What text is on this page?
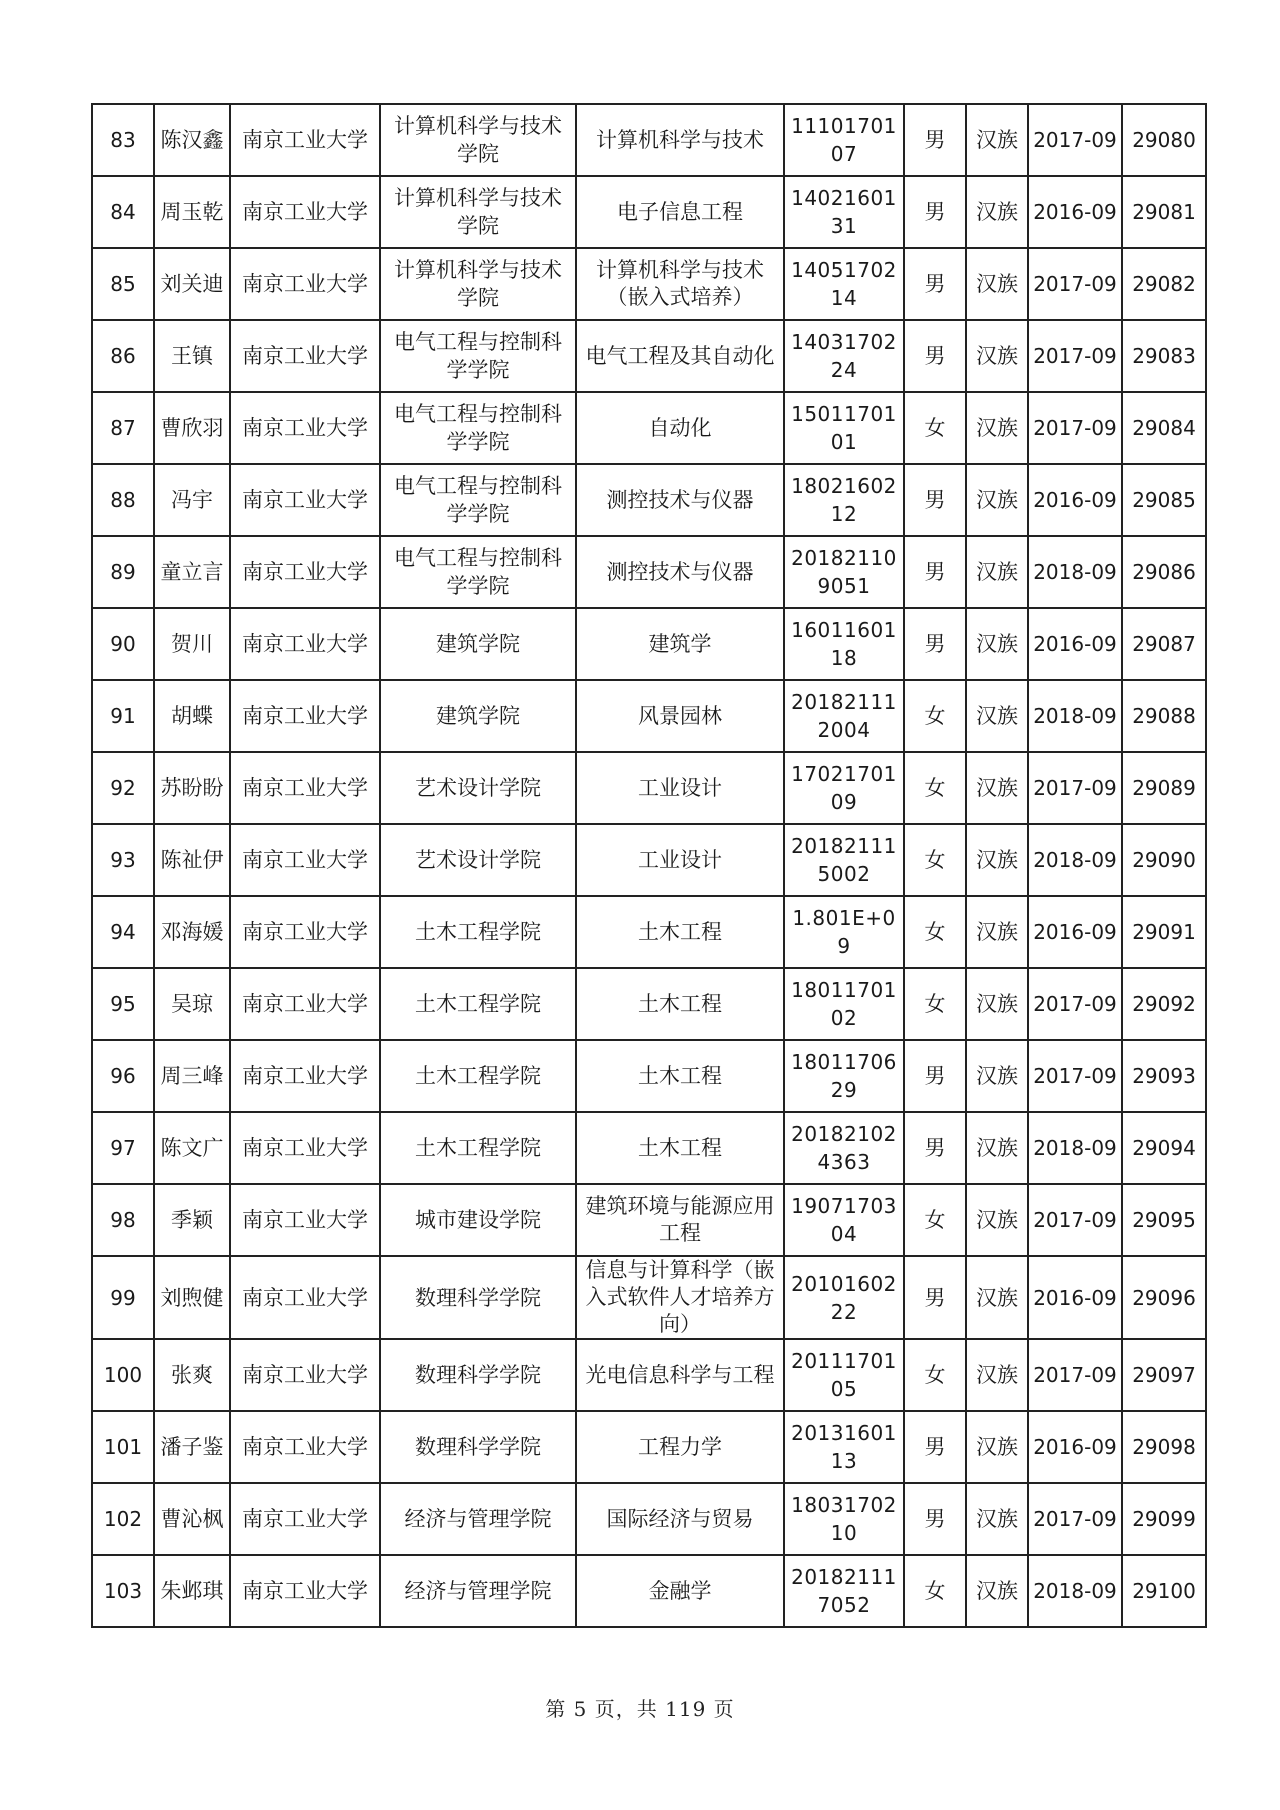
83	陈汉鑫	南京工业大学	计算机科学与技术学院	计算机科学与技术	1110170107	男	汉族	2017-09	29080
84	周玉乾	南京工业大学	计算机科学与技术学院	电子信息工程	1402160131	男	汉族	2016-09	29081
85	刘关迪	南京工业大学	计算机科学与技术学院	计算机科学与技术（嵌入式培养）	1405170214	男	汉族	2017-09	29082
86	王镇	南京工业大学	电气工程与控制科学学院	电气工程及其自动化	1403170224	男	汉族	2017-09	29083
87	曹欣羽	南京工业大学	电气工程与控制科学学院	自动化	1501170101	女	汉族	2017-09	29084
88	冯宇	南京工业大学	电气工程与控制科学学院	测控技术与仪器	1802160212	男	汉族	2016-09	29085
89	童立言	南京工业大学	电气工程与控制科学学院	测控技术与仪器	201821109051	男	汉族	2018-09	29086
90	贺川	南京工业大学	建筑学院	建筑学	1601160118	男	汉族	2016-09	29087
91	胡蝶	南京工业大学	建筑学院	风景园林	201821112004	女	汉族	2018-09	29088
92	苏盼盼	南京工业大学	艺术设计学院	工业设计	1702170109	女	汉族	2017-09	29089
93	陈祉伊	南京工业大学	艺术设计学院	工业设计	201821115002	女	汉族	2018-09	29090
94	邓海媛	南京工业大学	土木工程学院	土木工程	1.801E+09	女	汉族	2016-09	29091
95	吴琼	南京工业大学	土木工程学院	土木工程	1801170102	女	汉族	2017-09	29092
96	周三峰	南京工业大学	土木工程学院	土木工程	1801170629	男	汉族	2017-09	29093
97	陈文广	南京工业大学	土木工程学院	土木工程	201821024363	男	汉族	2018-09	29094
98	季颖	南京工业大学	城市建设学院	建筑环境与能源应用工程	1907170304	女	汉族	2017-09	29095
99	刘煦健	南京工业大学	数理科学学院	信息与计算科学（嵌入式软件人才培养方向）	2010160222	男	汉族	2016-09	29096
100	张爽	南京工业大学	数理科学学院	光电信息科学与工程	2011170105	女	汉族	2017-09	29097
101	潘子鉴	南京工业大学	数理科学学院	工程力学	2013160113	男	汉族	2016-09	29098
102	曹沁枫	南京工业大学	经济与管理学院	国际经济与贸易	1803170210	男	汉族	2017-09	29099
103	朱邺琪	南京工业大学	经济与管理学院	金融学	201821117052	女	汉族	2018-09	29100
第 5 页，共 119 页
